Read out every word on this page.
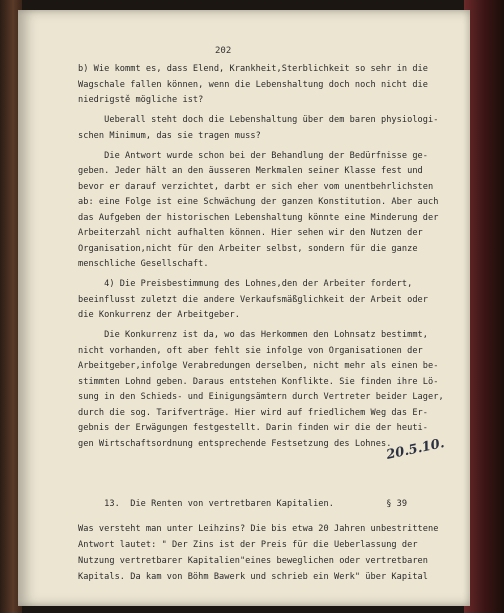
202
b) Wie kommt es, dass Elend, Krankheit,Sterblichkeit so sehr in die
Wagschale fallen können, wenn die Lebenshaltung doch noch nicht die
niedrigstě mögliche ist?
Ueberall steht doch die Lebenshaltung über dem baren physiologi-
schen Minimum, das sie tragen muss?
Die Antwort wurde schon bei der Behandlung der Bedürfnisse ge-
geben. Jeder hält an den äusseren Merkmalen seiner Klasse fest und
bevor er darauf verzichtet, darbt er sich eher vom unentbehrlichsten
ab: eine Folge ist eine Schwächung der ganzen Konstitution. Aber auch
das Aufgeben der historischen Lebenshaltung könnte eine Minderung der
Arbeiterzahl nicht aufhalten können. Hier sehen wir den Nutzen der
Organisation,nicht für den Arbeiter selbst, sondern für die ganze
menschliche Gesellschaft.
4) Die Preisbestimmung des Lohnes,den der Arbeiter fordert,
beeinflusst zuletzt die andere Verkaufsmäßglichkeit der Arbeit oder
die Konkurrenz der Arbeitgeber.
Die Konkurrenz ist da, wo das Herkommen den Lohnsatz bestimmt,
nicht vorhanden, oft aber fehlt sie infolge von Organisationen der
Arbeitgeber,infolge Verabredungen derselben, nicht mehr als einen be-
stimmten Lohnd geben. Daraus entstehen Konflikte. Sie finden ihre Lö-
sung in den Schieds- und Einigungsämtern durch Vertreter beider Lager,
durch die sog. Tarifverträge. Hier wird auf friedlichem Weg das Er-
gebnis der Erwägungen festgestellt. Darin finden wir die der heuti-
gen Wirtschaftsordnung entsprechende Festsetzung des Lohnes.
13.  Die Renten von vertretbaren Kapitalien.          § 39
Was versteht man unter Leihzins? Die bis etwa 20 Jahren unbestrittene
Antwort lautet: " Der Zins ist der Preis für die Ueberlassung der
Nutzung vertretbarer Kapitalien"eines beweglichen oder vertretbaren
Kapitals. Da kam von Böhm Bawerk und schrieb ein Werk" über Kapital
20.5.10.
